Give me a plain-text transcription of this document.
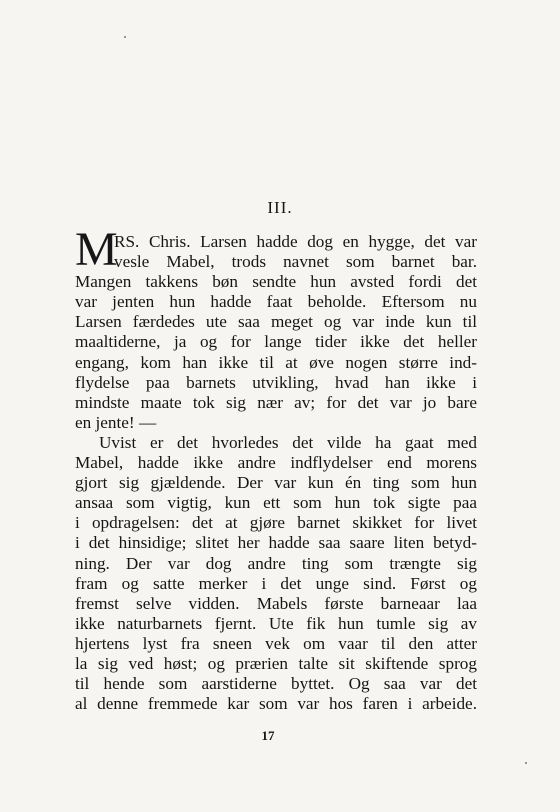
III.
M
RS. Chris. Larsen hadde dog en hygge, det var
vesle Mabel, trods navnet som barnet bar.
Mangen takkens bøn sendte hun avsted fordi det
var jenten hun hadde faat beholde. Eftersom nu
Larsen færdedes ute saa meget og var inde kun til
maaltiderne, ja og for lange tider ikke det heller
engang, kom han ikke til at øve nogen større ind-
flydelse paa barnets utvikling, hvad han ikke i
mindste maate tok sig nær av; for det var jo bare
en jente! —
Uvist er det hvorledes det vilde ha gaat med
Mabel, hadde ikke andre indflydelser end morens
gjort sig gjældende. Der var kun én ting som hun
ansaa som vigtig, kun ett som hun tok sigte paa
i opdragelsen: det at gjøre barnet skikket for livet
i det hinsidige; slitet her hadde saa saare liten betyd-
ning. Der var dog andre ting som trængte sig
fram og satte merker i det unge sind. Først og
fremst selve vidden. Mabels første barneaar laa
ikke naturbarnets fjernt. Ute fik hun tumle sig av
hjertens lyst fra sneen vek om vaar til den atter
la sig ved høst; og prærien talte sit skiftende sprog
til hende som aarstiderne byttet. Og saa var det
al denne fremmede kar som var hos faren i arbeide.
17
